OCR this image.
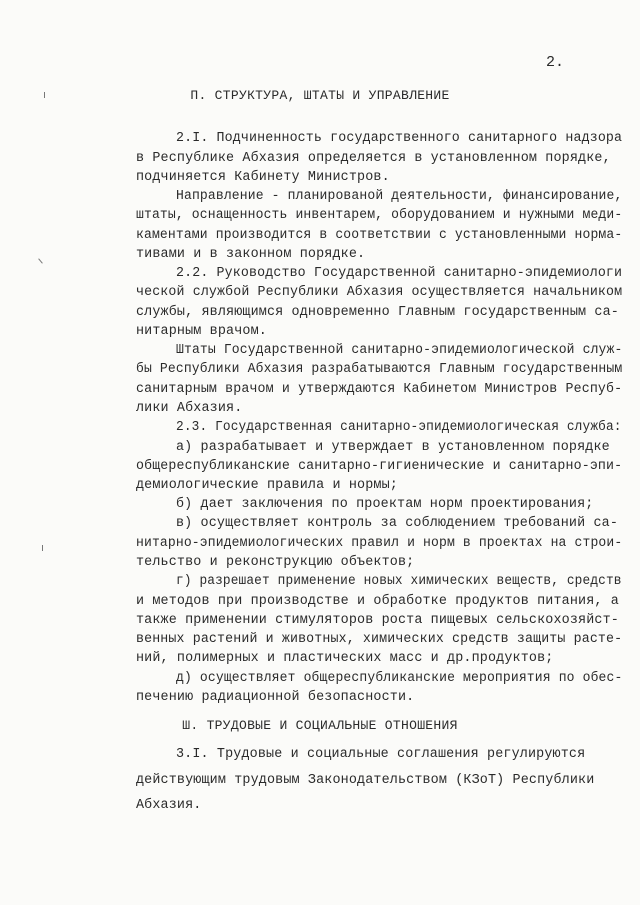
2.
П. СТРУКТУРА, ШТАТЫ И УПРАВЛЕНИЕ
2.I. Подчиненность государственного санитарного надзора
в Республике Абхазия определяется в установленном порядке,
подчиняется Кабинету Министров.
Направление - планированой деятельности, финансирование,
штаты, оснащенность инвентарем, оборудованием и нужными меди-
каментами производится в соответствии с установленными норма-
тивами и в законном порядке.
2.2. Руководство Государственной санитарно-эпидемиологи
ческой службой Республики Абхазия осуществляется начальником
службы, являющимся одновременно Главным государственным са-
нитарным врачом.
Штаты Государственной санитарно-эпидемиологической служ-
бы Республики Абхазия разрабатываются Главным государственным
санитарным врачом и утверждаются Кабинетом Министров Респуб-
лики Абхазия.
2.3. Государственная санитарно-эпидемиологическая служба:
а) разрабатывает и утверждает в установленном порядке
общереспубликанские санитарно-гигиенические и санитарно-эпи-
демиологические правила и нормы;
б) дает заключения по проектам норм проектирования;
в) осуществляет контроль за соблюдением требований са-
нитарно-эпидемиологических правил и норм в проектах на строи-
тельство и реконструкцию объектов;
г) разрешает применение новых химических веществ, средств
и методов при производстве и обработке продуктов питания, а
также применении стимуляторов роста пищевых сельскохозяйст-
венных растений и животных, химических средств защиты расте-
ний, полимерных и пластических масс и др.продуктов;
д) осуществляет общереспубликанские мероприятия по обес-
печению радиационной безопасности.
Ш. ТРУДОВЫЕ И СОЦИАЛЬНЫЕ ОТНОШЕНИЯ
3.I. Трудовые и социальные соглашения регулируются
действующим трудовым Законодательством (КЗоТ) Республики
Абхазия.
